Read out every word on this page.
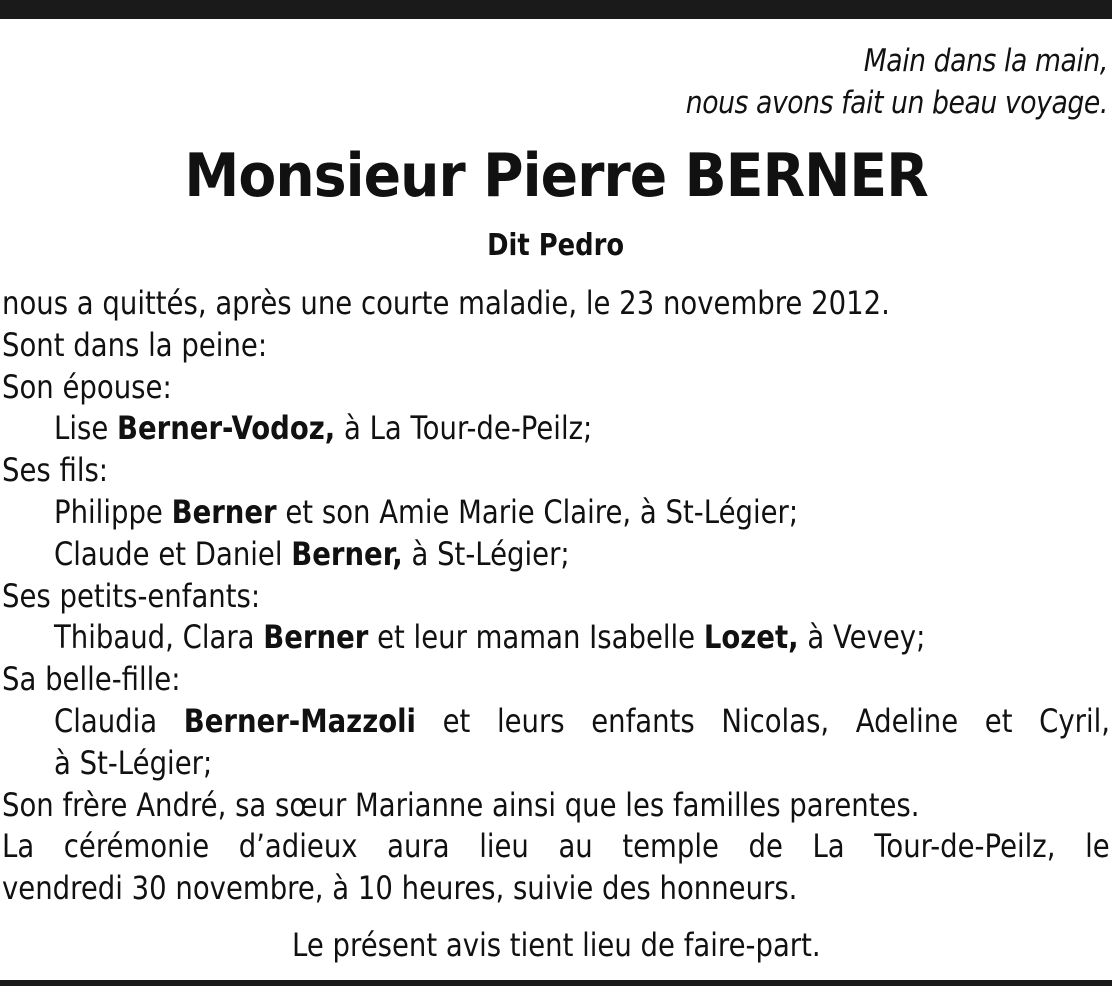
Main dans la main,
nous avons fait un beau voyage.
Monsieur Pierre BERNER
Dit Pedro
nous a quittés, après une courte maladie, le 23 novembre 2012.
Sont dans la peine:
Son épouse:
Lise Berner-Vodoz, à La Tour-de-Peilz;
Ses fils:
Philippe Berner et son Amie Marie Claire, à St-Légier;
Claude et Daniel Berner, à St-Légier;
Ses petits-enfants:
Thibaud, Clara Berner et leur maman Isabelle Lozet, à Vevey;
Sa belle-fille:
Claudia Berner-Mazzoli et leurs enfants Nicolas, Adeline et Cyril,
à St-Légier;
Son frère André, sa sœur Marianne ainsi que les familles parentes.
La cérémonie d’adieux aura lieu au temple de La Tour-de-Peilz, le
vendredi 30 novembre, à 10 heures, suivie des honneurs.
Le présent avis tient lieu de faire-part.
